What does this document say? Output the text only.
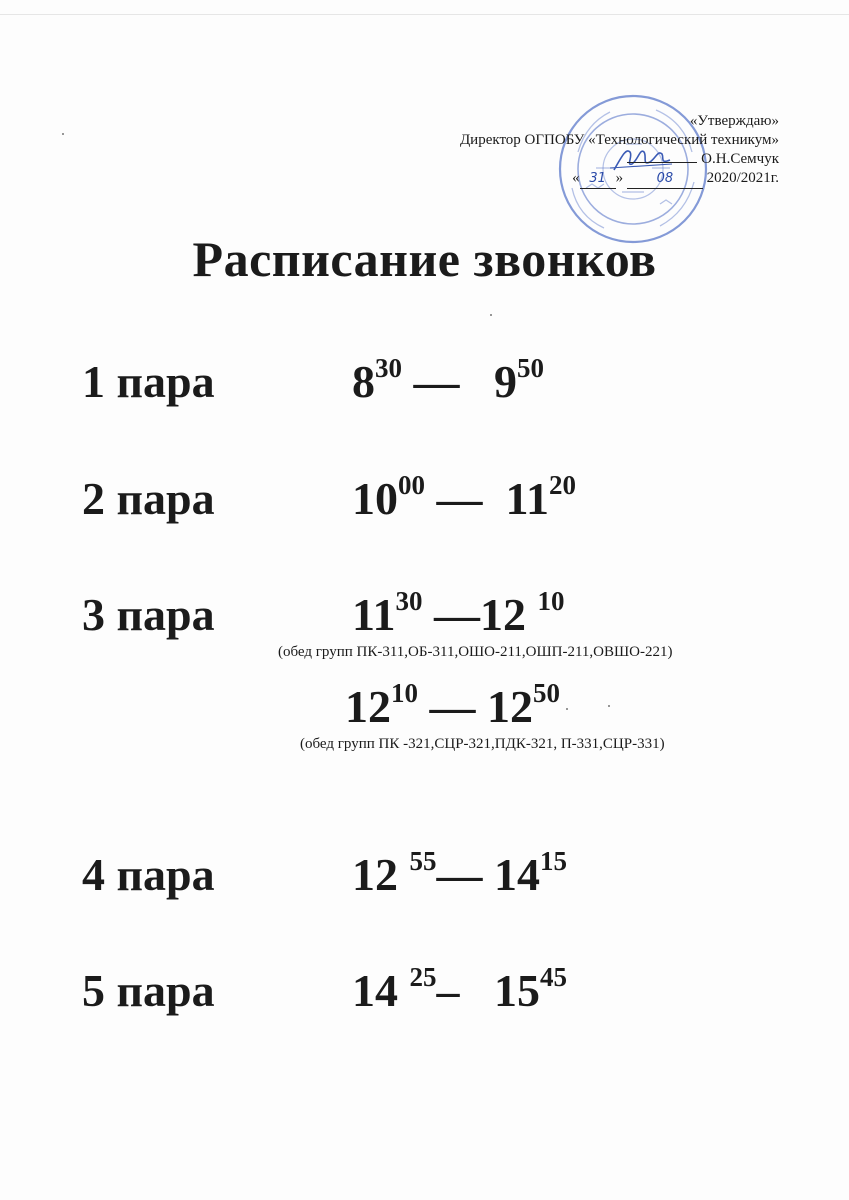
«Утверждаю»
Директор ОГПОБУ «Технологический техникум»
О.Н.Семчук
« 31 »	08 2020/2021г.
Расписание звонков
1 пара	$8^{30}$ —   $9^{50}$
2 пара	$10^{00}$ —  $11^{20}$
3 пара	$11^{30}$ —12 $^{10}$
(обед групп ПК-311,ОБ-311,ОШО-211,ОШП-211,ОВШО-221)
$12^{10}$ — $12^{50}$
(обед групп ПК -321,СЦР-321,ПДК-321, П-331,СЦР-331)
4 пара	12 $^{55}$— $14^{15}$
5 пара	14 $^{25}$–   $15^{45}$
